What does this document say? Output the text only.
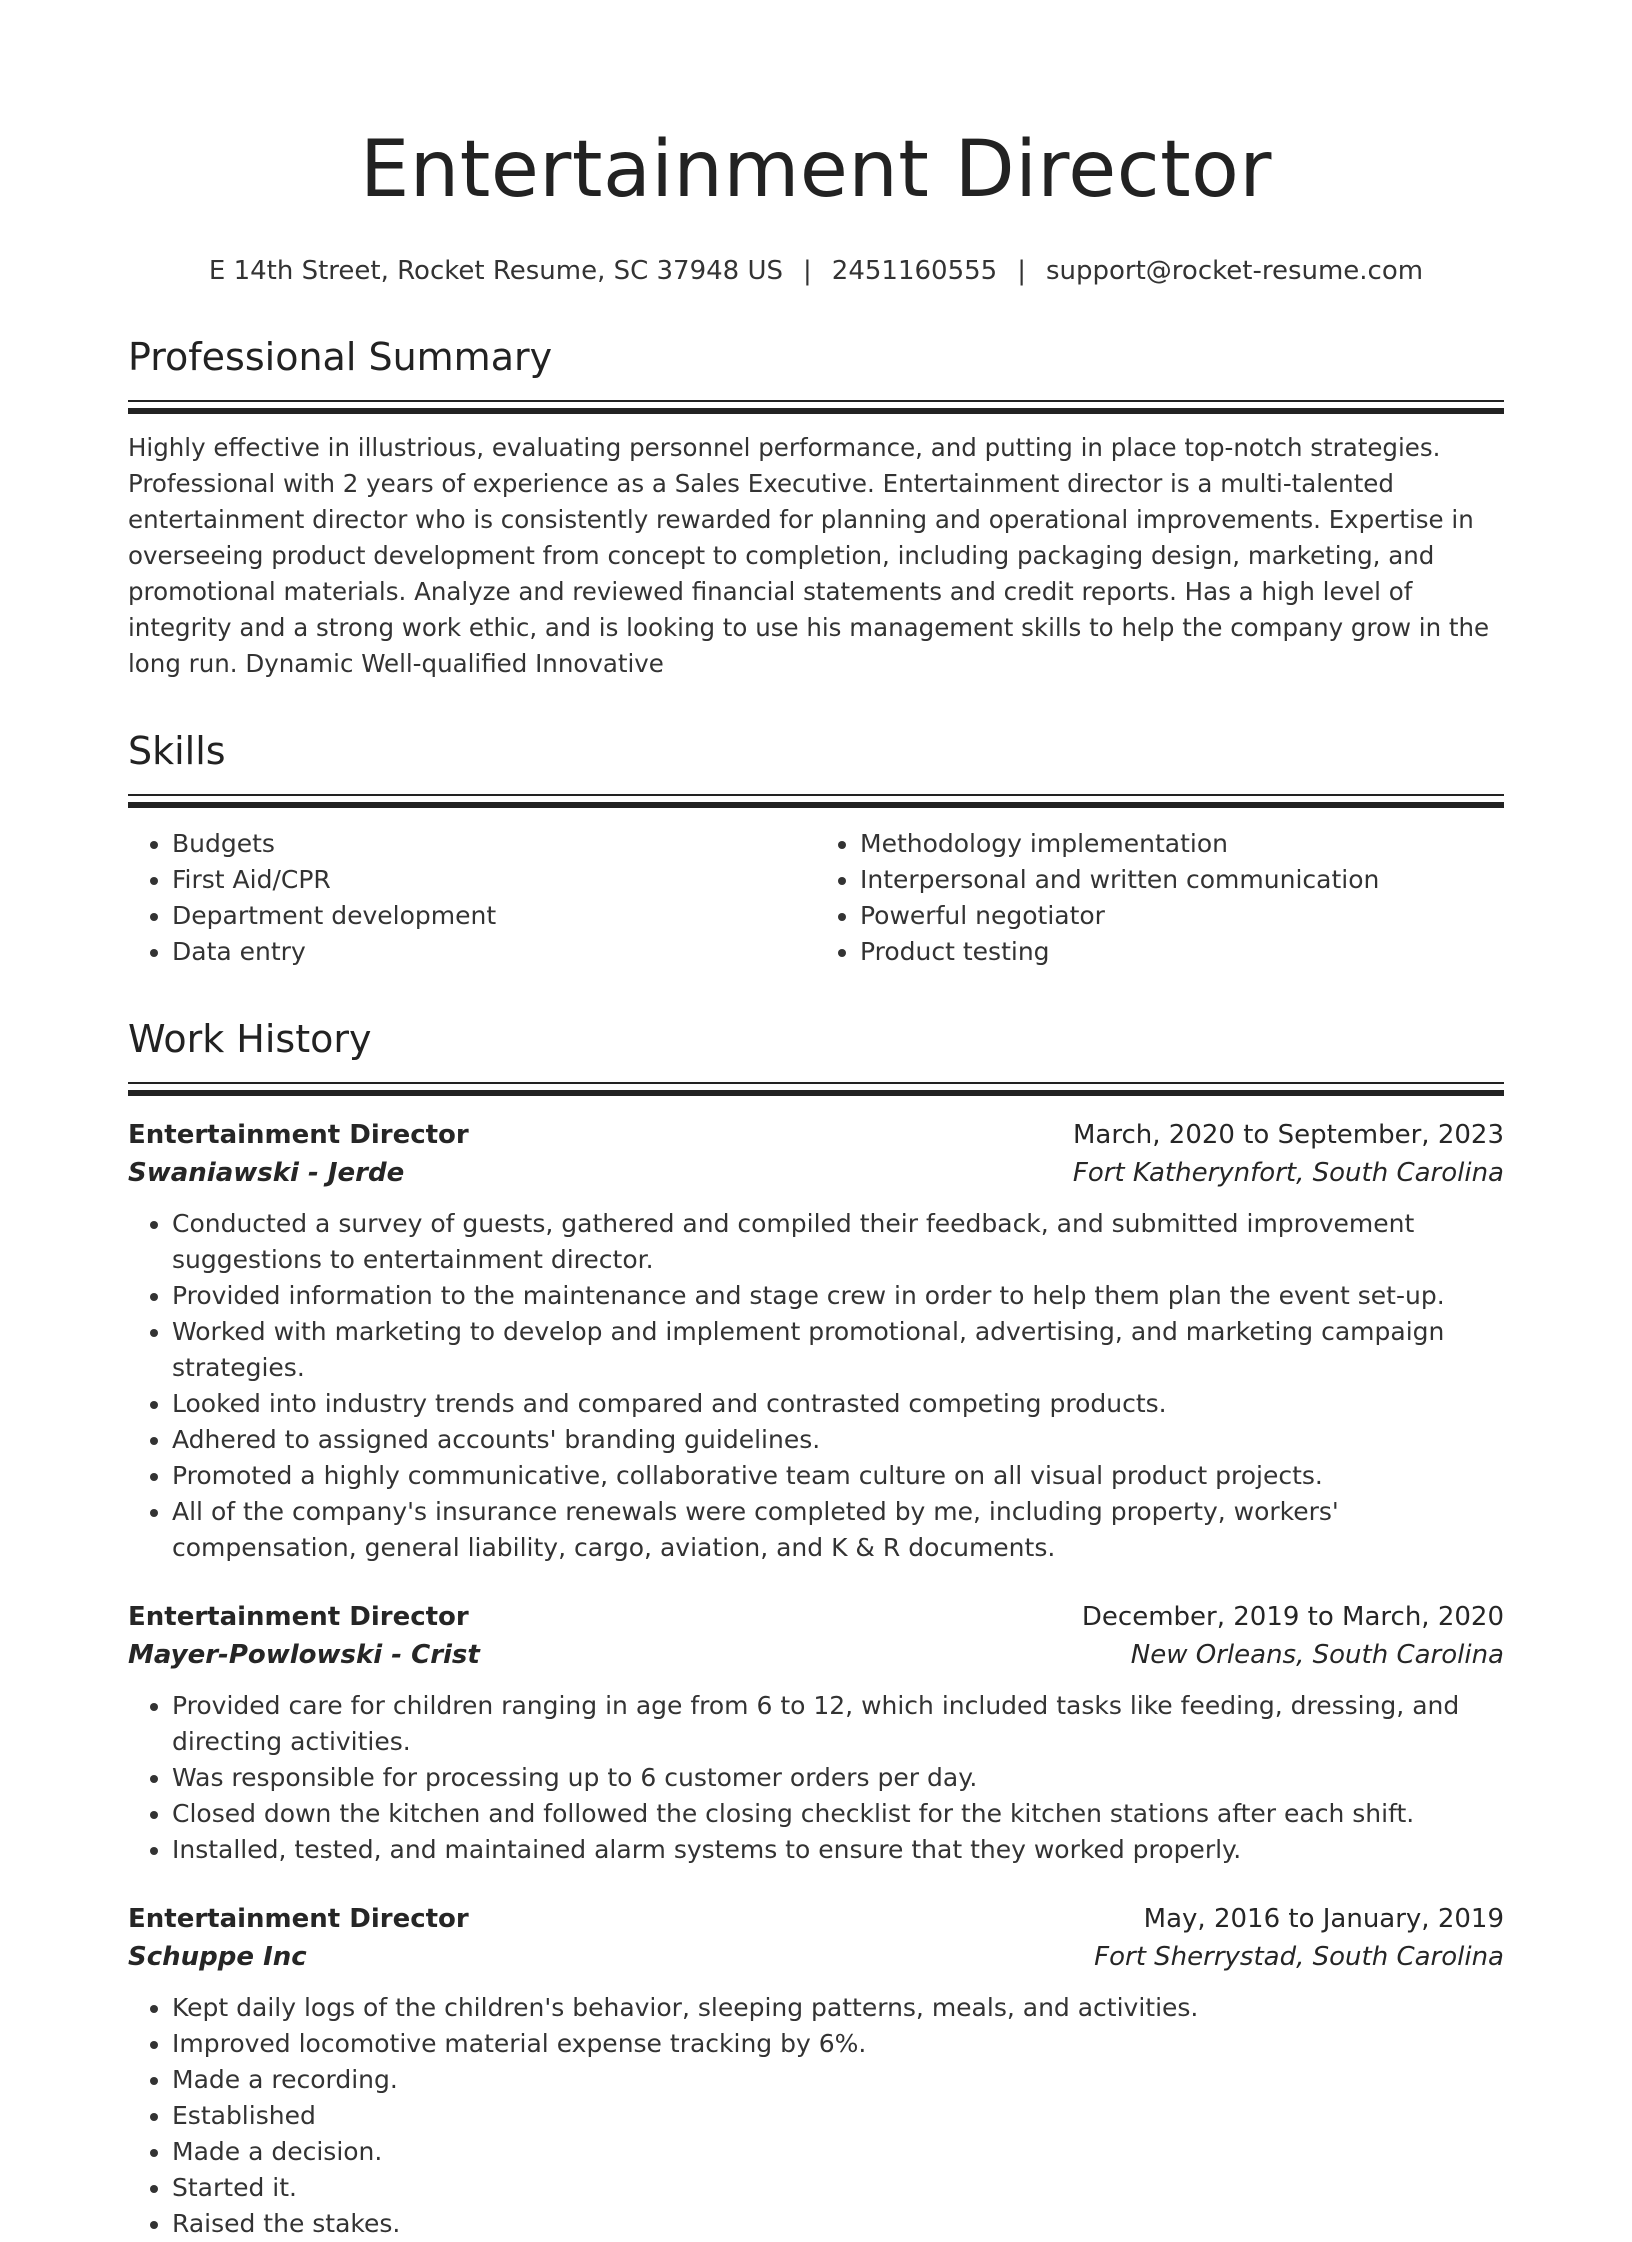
Entertainment Director
E 14th Street, Rocket Resume, SC 37948 US | 2451160555 | support@rocket-resume.com
Professional Summary

Highly effective in illustrious, evaluating personnel performance, and putting in place top-notch strategies. Professional with 2 years of experience as a Sales Executive. Entertainment director is a multi-talented entertainment director who is consistently rewarded for planning and operational improvements. Expertise in overseeing product development from concept to completion, including packaging design, marketing, and promotional materials. Analyze and reviewed financial statements and credit reports. Has a high level of integrity and a strong work ethic, and is looking to use his management skills to help the company grow in the long run. Dynamic Well-qualified Innovative

Skills
• Budgets
• First Aid/CPR
• Department development
• Data entry
• Methodology implementation
• Interpersonal and written communication
• Powerful negotiator
• Product testing
Work History
Entertainment Director	March, 2020 to September, 2023
Swaniawski - Jerde	Fort Katherynfort, South Carolina
• Conducted a survey of guests, gathered and compiled their feedback, and submitted improvement suggestions to entertainment director.
• Provided information to the maintenance and stage crew in order to help them plan the event set-up.
• Worked with marketing to develop and implement promotional, advertising, and marketing campaign strategies.
• Looked into industry trends and compared and contrasted competing products.
• Adhered to assigned accounts' branding guidelines.
• Promoted a highly communicative, collaborative team culture on all visual product projects.
• All of the company's insurance renewals were completed by me, including property, workers' compensation, general liability, cargo, aviation, and K & R documents.
Entertainment Director	December, 2019 to March, 2020
Mayer-Powlowski - Crist	New Orleans, South Carolina
• Provided care for children ranging in age from 6 to 12, which included tasks like feeding, dressing, and directing activities.
• Was responsible for processing up to 6 customer orders per day.
• Closed down the kitchen and followed the closing checklist for the kitchen stations after each shift.
• Installed, tested, and maintained alarm systems to ensure that they worked properly.
Entertainment Director	May, 2016 to January, 2019
Schuppe Inc	Fort Sherrystad, South Carolina
• Kept daily logs of the children's behavior, sleeping patterns, meals, and activities.
• Improved locomotive material expense tracking by 6%.
• Made a recording.
• Established
• Made a decision.
• Started it.
• Raised the stakes.
